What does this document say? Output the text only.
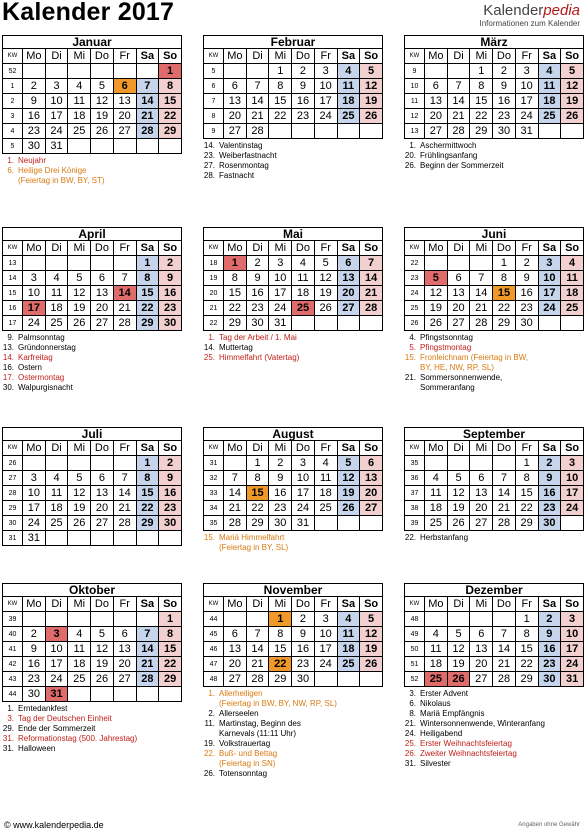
Kalender 2017	Kalenderpedia
Informationen zum Kalender
Januar
KW	Mo	Di	Mi	Do	Fr	Sa	So
52							1
1	2	3	4	5	6	7	8
2	9	10	11	12	13	14	15
3	16	17	18	19	20	21	22
4	23	24	25	26	27	28	29
5	30	31					
1. Neujahr
6. Heilige Drei Könige
(Feiertag in BW, BY, ST)
Februar
KW	Mo	Di	Mi	Do	Fr	Sa	So
5			1	2	3	4	5
6	6	7	8	9	10	11	12
7	13	14	15	16	17	18	19
8	20	21	22	23	24	25	26
9	27	28					
14. Valentinstag
23. Weiberfastnacht
27. Rosenmontag
28. Fastnacht
März
KW	Mo	Di	Mi	Do	Fr	Sa	So
9			1	2	3	4	5
10	6	7	8	9	10	11	12
11	13	14	15	16	17	18	19
12	20	21	22	23	24	25	26
13	27	28	29	30	31		
1. Aschermittwoch
20. Frühlingsanfang
26. Beginn der Sommerzeit
April
KW	Mo	Di	Mi	Do	Fr	Sa	So
13						1	2
14	3	4	5	6	7	8	9
15	10	11	12	13	14	15	16
16	17	18	19	20	21	22	23
17	24	25	26	27	28	29	30
9. Palmsonntag
13. Gründonnerstag
14. Karfreitag
16. Ostern
17. Ostermontag
30. Walpurgisnacht
Mai
KW	Mo	Di	Mi	Do	Fr	Sa	So
18	1	2	3	4	5	6	7
19	8	9	10	11	12	13	14
20	15	16	17	18	19	20	21
21	22	23	24	25	26	27	28
22	29	30	31				
1. Tag der Arbeit / 1. Mai
14. Muttertag
25. Himmelfahrt (Vatertag)
Juni
KW	Mo	Di	Mi	Do	Fr	Sa	So
22				1	2	3	4
23	5	6	7	8	9	10	11
24	12	13	14	15	16	17	18
25	19	20	21	22	23	24	25
26	26	27	28	29	30		
4. Pfingstsonntag
5. Pfingstmontag
15. Fronleichnam (Feiertag in BW,
BY, HE, NW, RP, SL)
21. Sommersonnenwende,
Sommeranfang
Juli
KW	Mo	Di	Mi	Do	Fr	Sa	So
26						1	2
27	3	4	5	6	7	8	9
28	10	11	12	13	14	15	16
29	17	18	19	20	21	22	23
30	24	25	26	27	28	29	30
31	31						
August
KW	Mo	Di	Mi	Do	Fr	Sa	So
31		1	2	3	4	5	6
32	7	8	9	10	11	12	13
33	14	15	16	17	18	19	20
34	21	22	23	24	25	26	27
35	28	29	30	31			
15. Mariä Himmelfahrt
(Feiertag in BY, SL)
September
KW	Mo	Di	Mi	Do	Fr	Sa	So
35					1	2	3
36	4	5	6	7	8	9	10
37	11	12	13	14	15	16	17
38	18	19	20	21	22	23	24
39	25	26	27	28	29	30	
22. Herbstanfang
Oktober
KW	Mo	Di	Mi	Do	Fr	Sa	So
39							1
40	2	3	4	5	6	7	8
41	9	10	11	12	13	14	15
42	16	17	18	19	20	21	22
43	23	24	25	26	27	28	29
44	30	31					
1. Erntedankfest
3. Tag der Deutschen Einheit
29. Ende der Sommerzeit
31. Reformationstag (500. Jahrestag)
31. Halloween
November
KW	Mo	Di	Mi	Do	Fr	Sa	So
44			1	2	3	4	5
45	6	7	8	9	10	11	12
46	13	14	15	16	17	18	19
47	20	21	22	23	24	25	26
48	27	28	29	30			
1. Allerheiligen
(Feiertag in BW, BY, NW, RP, SL)
2. Allerseelen
11. Martinstag, Beginn des
Karnevals (11:11 Uhr)
19. Volkstrauertag
22. Buß- und Bettag
(Feiertag in SN)
26. Totensonntag
Dezember
KW	Mo	Di	Mi	Do	Fr	Sa	So
48					1	2	3
49	4	5	6	7	8	9	10
50	11	12	13	14	15	16	17
51	18	19	20	21	22	23	24
52	25	26	27	28	29	30	31
3. Erster Advent
6. Nikolaus
8. Mariä Empfängnis
21. Wintersonnenwende, Winteranfang
24. Heiligabend
25. Erster Weihnachtsfeiertag
26. Zweiter Weihnachtsfeiertag
31. Silvester
© www.kalenderpedia.de	Angaben ohne Gewähr
